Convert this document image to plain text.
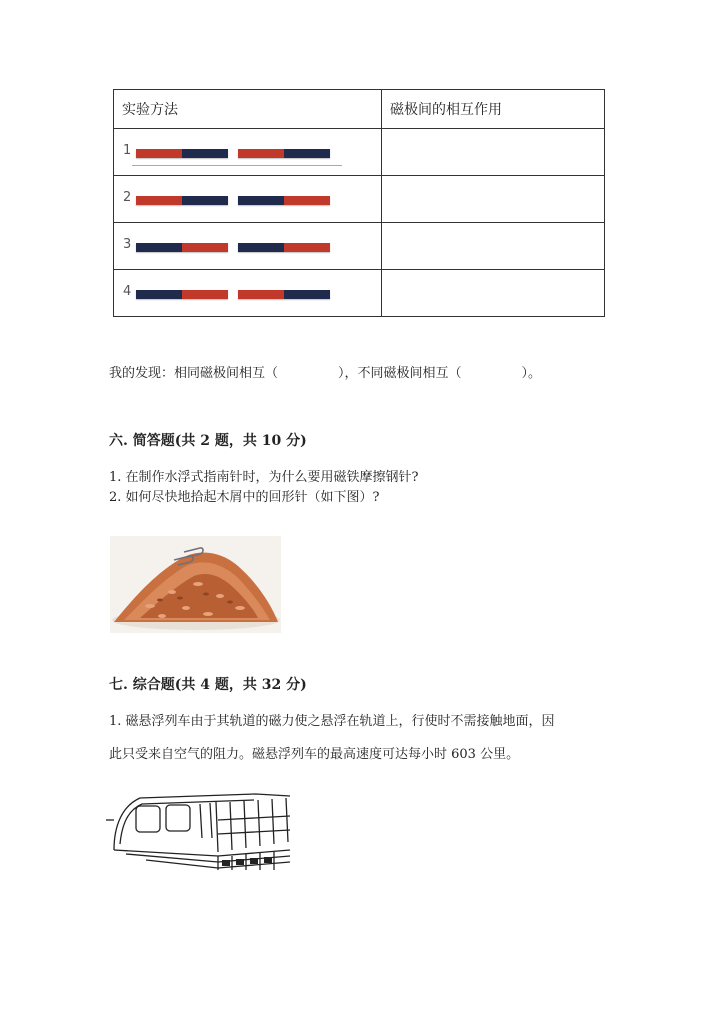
实验方法	磁极间的相互作用

1	

2	

3	

4	

我的发现：相同磁极间相互（	），不同磁极间相互（	）。
六. 简答题(共 2 题，共 10 分)
1. 在制作水浮式指南针时，为什么要用磁铁摩擦钢针?
2. 如何尽快地拾起木屑中的回形针（如下图）?
七. 综合题(共 4 题，共 32 分)
1. 磁悬浮列车由于其轨道的磁力使之悬浮在轨道上，行使时不需接触地面，因
此只受来自空气的阻力。磁悬浮列车的最高速度可达每小时 603 公里。
